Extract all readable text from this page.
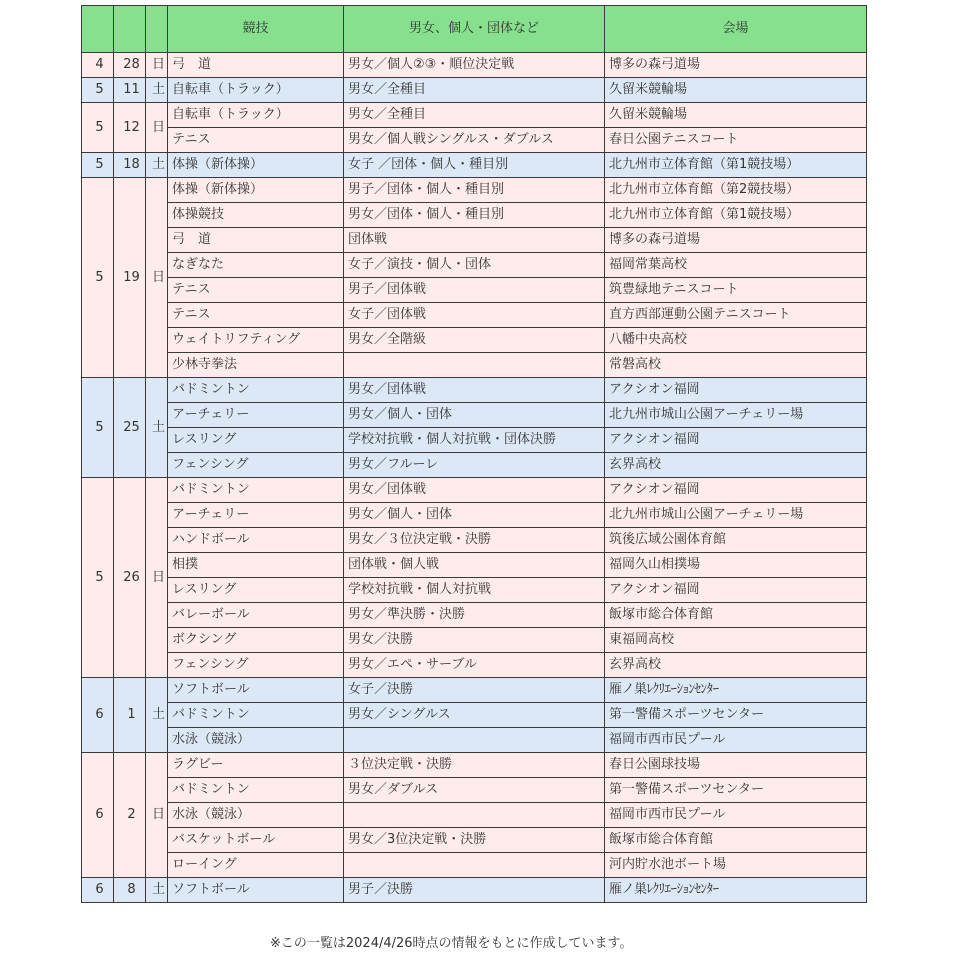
			競技	男女、個人・団体など	会場
4	28	日	弓　道	男女／個人②③・順位決定戦	博多の森弓道場
5	11	土	自転車（トラック）	男女／全種目	久留米競輪場
5	12	日	自転車（トラック）	男女／全種目	久留米競輪場
			テニス	男女／個人戦シングルス・ダブルス	春日公園テニスコート
5	18	土	体操（新体操）	女子 ／団体・個人・種目別	北九州市立体育館（第1競技場）
5	19	日	体操（新体操）	男子／団体・個人・種目別	北九州市立体育館（第2競技場）
			体操競技	男女／団体・個人・種目別	北九州市立体育館（第1競技場）
			弓　道	団体戦	博多の森弓道場
			なぎなた	女子／演技・個人・団体	福岡常葉高校
			テニス	男子／団体戦	筑豊緑地テニスコート
			テニス	女子／団体戦	直方西部運動公園テニスコート
			ウェイトリフティング	男女／全階級	八幡中央高校
			少林寺拳法		常磐高校
5	25	土	バドミントン	男女／団体戦	アクシオン福岡
			アーチェリー	男女／個人・団体	北九州市城山公園アーチェリー場
			レスリング	学校対抗戦・個人対抗戦・団体決勝	アクシオン福岡
			フェンシング	男女／フルーレ	玄界高校
5	26	日	バドミントン	男女／団体戦	アクシオン福岡
			アーチェリー	男女／個人・団体	北九州市城山公園アーチェリー場
			ハンドボール	男女／３位決定戦・決勝	筑後広域公園体育館
			相撲	団体戦・個人戦	福岡久山相撲場
			レスリング	学校対抗戦・個人対抗戦	アクシオン福岡
			バレーボール	男女／準決勝・決勝	飯塚市総合体育館
			ボクシング	男女／決勝	東福岡高校
			フェンシング	男女／エペ・サーブル	玄界高校
6	1	土	ソフトボール	女子／決勝	雁ノ巣ﾚｸﾘｴｰｼｮﾝｾﾝﾀｰ
			バドミントン	男女／シングルス	第一警備スポーツセンター
			水泳（競泳）		福岡市西市民プール
6	2	日	ラグビー	３位決定戦・決勝	春日公園球技場
			バドミントン	男女／ダブルス	第一警備スポーツセンター
			水泳（競泳）		福岡市西市民プール
			バスケットボール	男女／3位決定戦・決勝	飯塚市総合体育館
			ローイング		河内貯水池ボート場
6	8	土	ソフトボール	男子／決勝	雁ノ巣ﾚｸﾘｴｰｼｮﾝｾﾝﾀｰ
※この一覧は2024/4/26時点の情報をもとに作成しています。
